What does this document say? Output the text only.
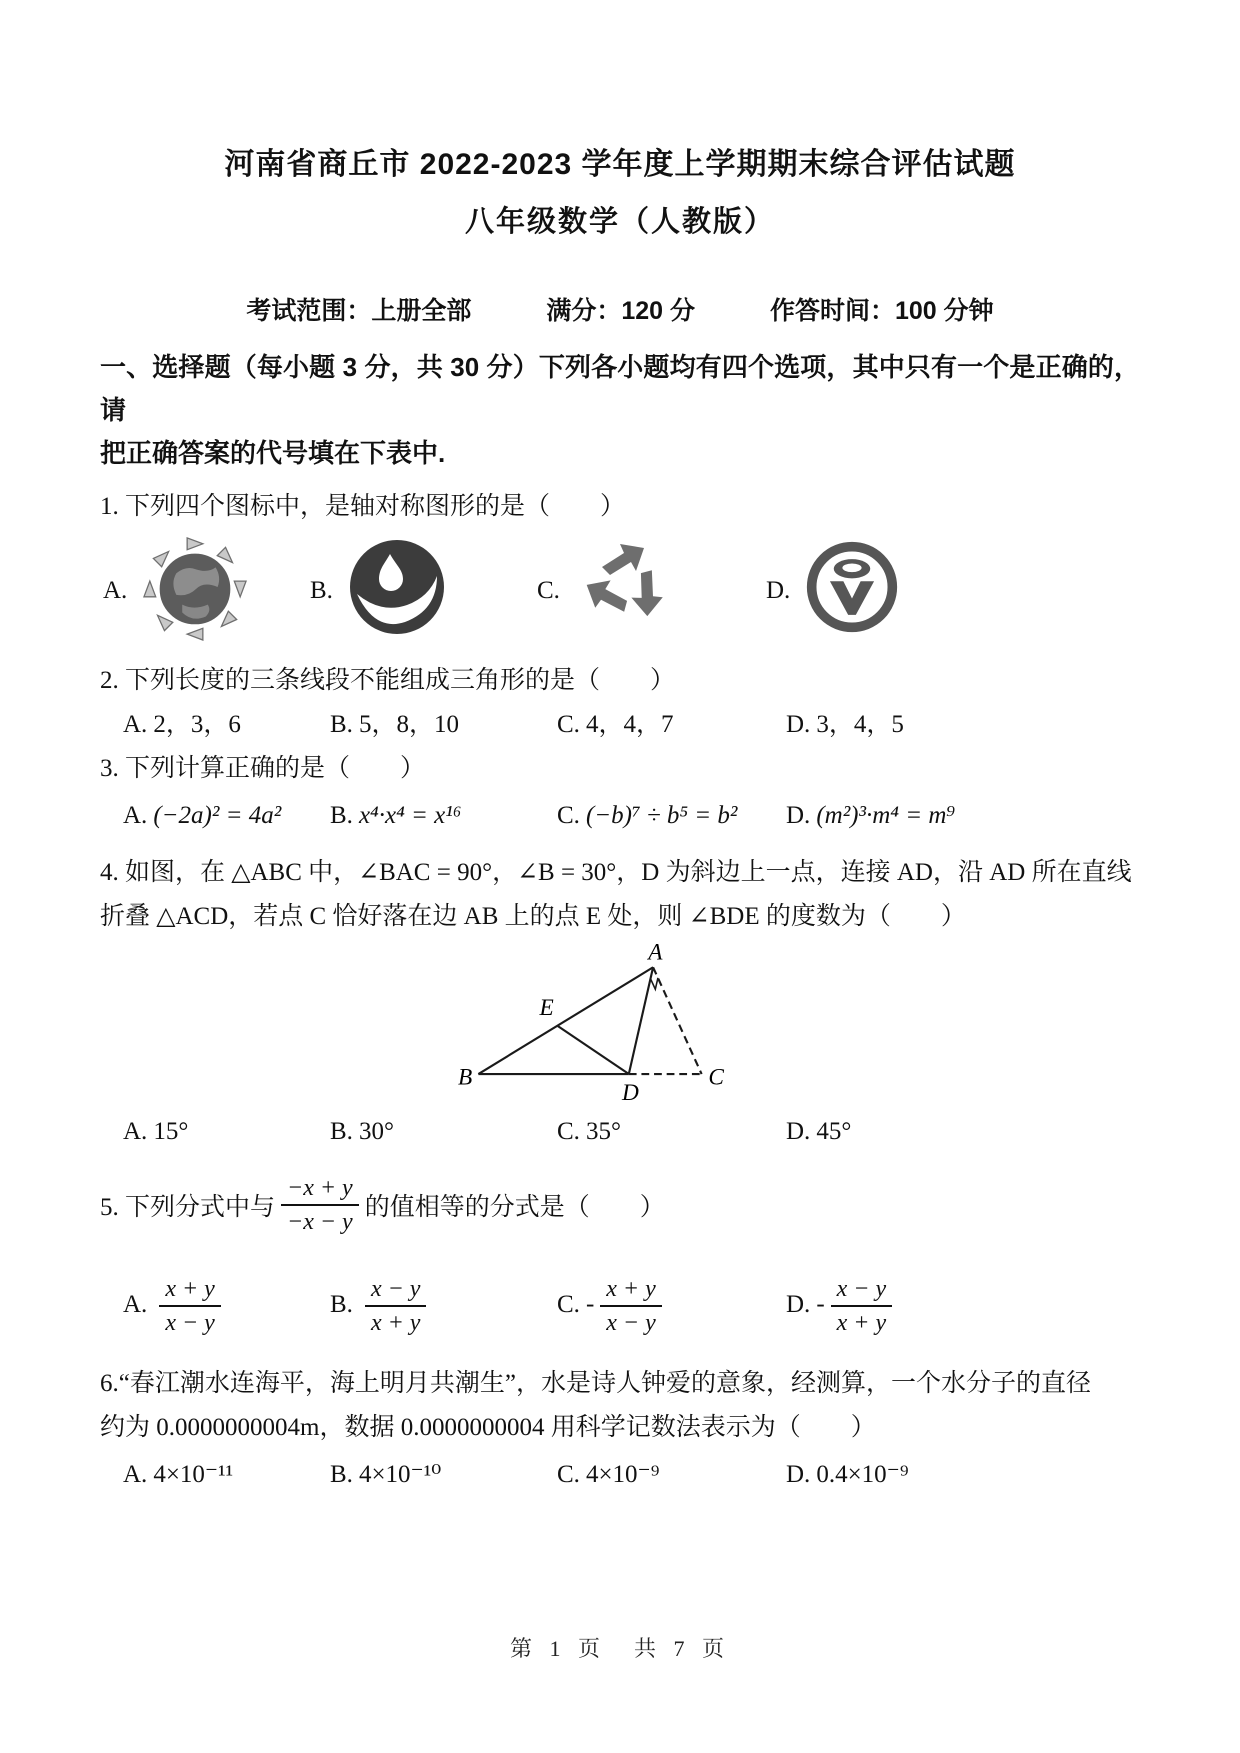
河南省商丘市 2022-2023 学年度上学期期末综合评估试题
八年级数学（人教版）
考试范围：上册全部　　　满分：120 分　　　作答时间：100 分钟
一、选择题（每小题 3 分，共 30 分）下列各小题均有四个选项，其中只有一个是正确的，请
把正确答案的代号填在下表中.
1. 下列四个图标中，是轴对称图形的是（　　）
A.	B.	C.	D.
2. 下列长度的三条线段不能组成三角形的是（　　）
A. 2，3，6	B. 5，8，10	C. 4，4，7	D. 3，4，5
3. 下列计算正确的是（　　）
A. (−2a)² = 4a²	B. x⁴·x⁴ = x¹⁶	C. (−b)⁷ ÷ b⁵ = b²	D. (m²)³·m⁴ = m⁹
4. 如图，在 △ABC 中，∠BAC = 90°，∠B = 30°，D 为斜边上一点，连接 AD，沿 AD 所在直线
折叠 △ACD，若点 C 恰好落在边 AB 上的点 E 处，则 ∠BDE 的度数为（　　）
A
B	C
D
E
A. 15°	B. 30°	C. 35°	D. 45°
5. 下列分式中与 $\frac{-x + y}{-x - y}$ 的值相等的分式是（　　）
A. $\frac{x + y}{x - y}$	B. $\frac{x - y}{x + y}$	C. - $\frac{x + y}{x - y}$	D. - $\frac{x - y}{x + y}$
6.“春江潮水连海平，海上明月共潮生”，水是诗人钟爱的意象，经测算，一个水分子的直径
约为 0.0000000004m，数据 0.0000000004 用科学记数法表示为（　　）
A. 4×10⁻¹¹	B. 4×10⁻¹⁰	C. 4×10⁻⁹	D. 0.4×10⁻⁹
第 1 页　共 7 页
